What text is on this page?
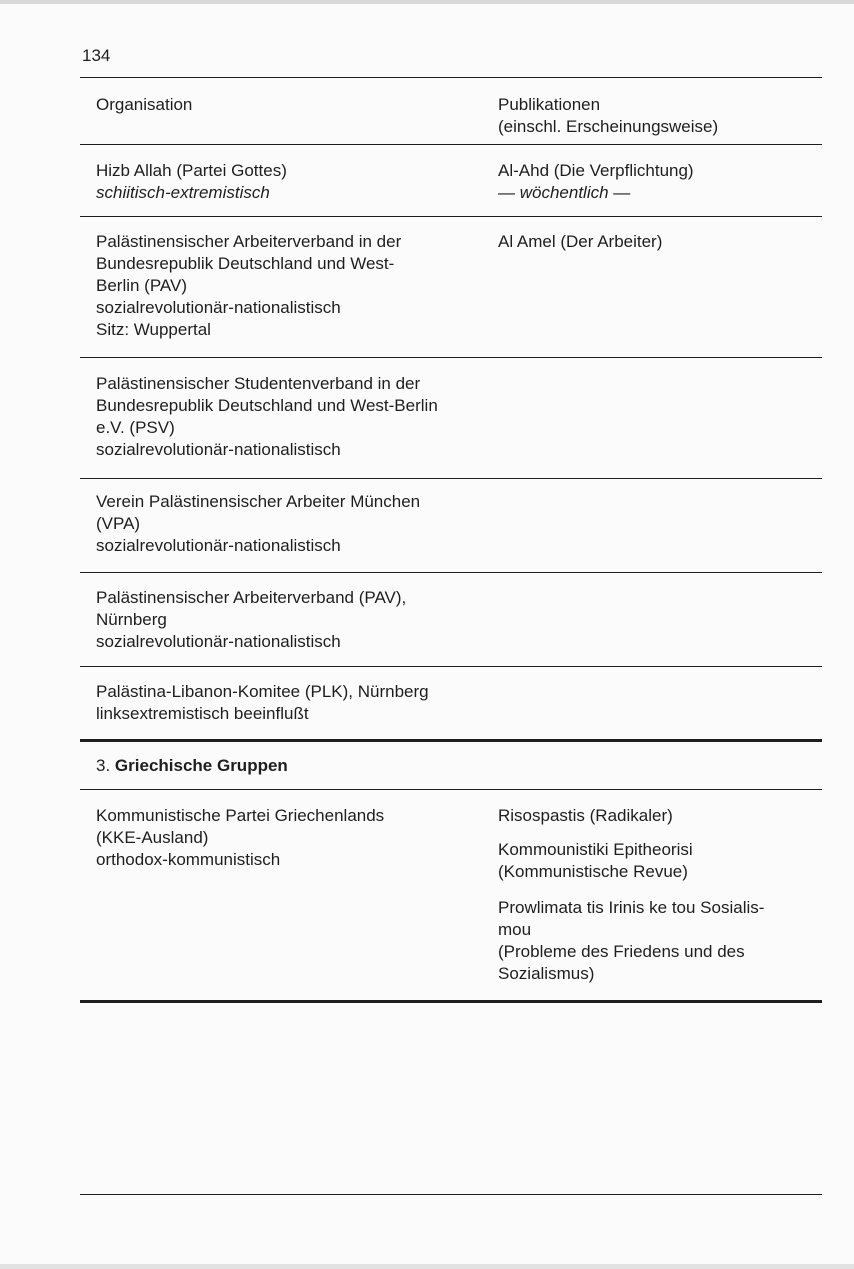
134
Organisation	Publikationen
(einschl. Erscheinungsweise)
Hizb Allah (Partei Gottes)
schiitisch-extremistisch
Al-Ahd (Die Verpflichtung)
— wöchentlich —
Palästinensischer Arbeiterverband in der
Bundesrepublik Deutschland und West-
Berlin (PAV)
sozialrevolutionär-nationalistisch
Sitz: Wuppertal
Al Amel (Der Arbeiter)
Palästinensischer Studentenverband in der
Bundesrepublik Deutschland und West-Berlin
e.V. (PSV)
sozialrevolutionär-nationalistisch
Verein Palästinensischer Arbeiter München
(VPA)
sozialrevolutionär-nationalistisch
Palästinensischer Arbeiterverband (PAV),
Nürnberg
sozialrevolutionär-nationalistisch
Palästina-Libanon-Komitee (PLK), Nürnberg
linksextremistisch beeinflußt
3. Griechische Gruppen
Kommunistische Partei Griechenlands
(KKE-Ausland)
orthodox-kommunistisch
Risospastis (Radikaler)
Kommounistiki Epitheorisi
(Kommunistische Revue)
Prowlimata tis Irinis ke tou Sosialis-
mou
(Probleme des Friedens und des
Sozialismus)
